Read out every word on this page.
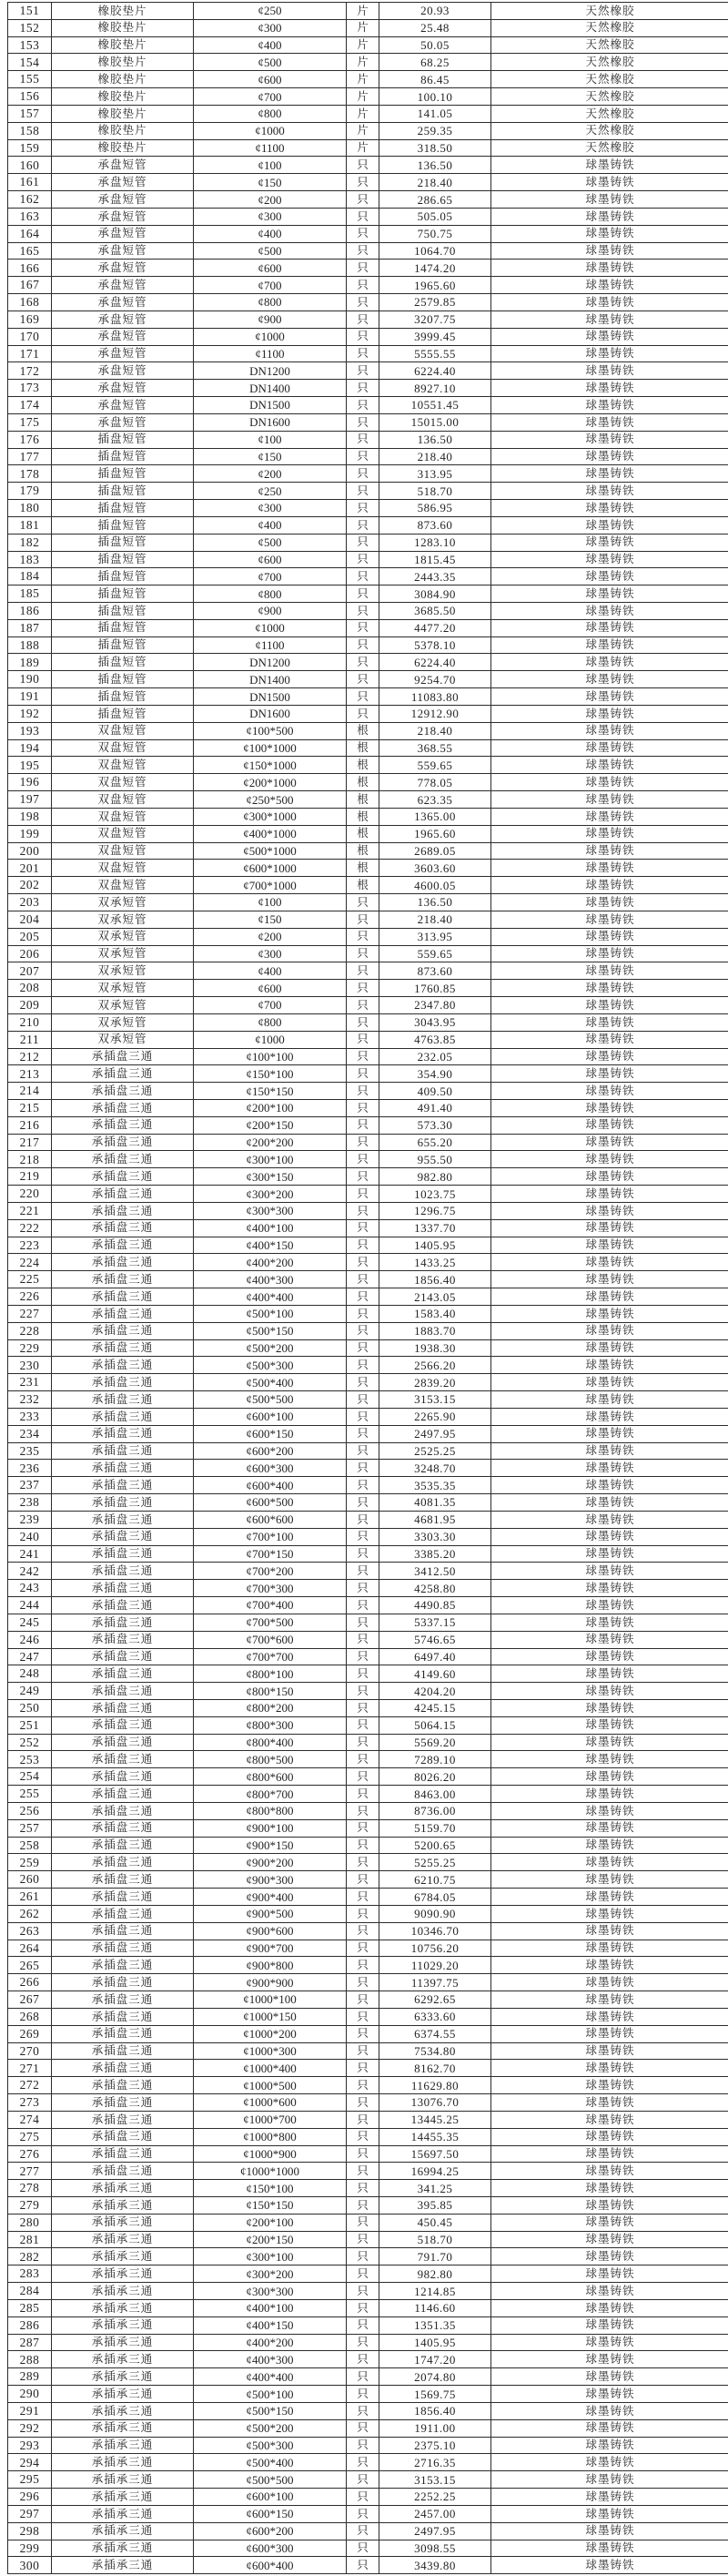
151	橡胶垫片	¢250	片	20.93	天然橡胶
152	橡胶垫片	¢300	片	25.48	天然橡胶
153	橡胶垫片	¢400	片	50.05	天然橡胶
154	橡胶垫片	¢500	片	68.25	天然橡胶
155	橡胶垫片	¢600	片	86.45	天然橡胶
156	橡胶垫片	¢700	片	100.10	天然橡胶
157	橡胶垫片	¢800	片	141.05	天然橡胶
158	橡胶垫片	¢1000	片	259.35	天然橡胶
159	橡胶垫片	¢1100	片	318.50	天然橡胶
160	承盘短管	¢100	只	136.50	球墨铸铁
161	承盘短管	¢150	只	218.40	球墨铸铁
162	承盘短管	¢200	只	286.65	球墨铸铁
163	承盘短管	¢300	只	505.05	球墨铸铁
164	承盘短管	¢400	只	750.75	球墨铸铁
165	承盘短管	¢500	只	1064.70	球墨铸铁
166	承盘短管	¢600	只	1474.20	球墨铸铁
167	承盘短管	¢700	只	1965.60	球墨铸铁
168	承盘短管	¢800	只	2579.85	球墨铸铁
169	承盘短管	¢900	只	3207.75	球墨铸铁
170	承盘短管	¢1000	只	3999.45	球墨铸铁
171	承盘短管	¢1100	只	5555.55	球墨铸铁
172	承盘短管	DN1200	只	6224.40	球墨铸铁
173	承盘短管	DN1400	只	8927.10	球墨铸铁
174	承盘短管	DN1500	只	10551.45	球墨铸铁
175	承盘短管	DN1600	只	15015.00	球墨铸铁
176	插盘短管	¢100	只	136.50	球墨铸铁
177	插盘短管	¢150	只	218.40	球墨铸铁
178	插盘短管	¢200	只	313.95	球墨铸铁
179	插盘短管	¢250	只	518.70	球墨铸铁
180	插盘短管	¢300	只	586.95	球墨铸铁
181	插盘短管	¢400	只	873.60	球墨铸铁
182	插盘短管	¢500	只	1283.10	球墨铸铁
183	插盘短管	¢600	只	1815.45	球墨铸铁
184	插盘短管	¢700	只	2443.35	球墨铸铁
185	插盘短管	¢800	只	3084.90	球墨铸铁
186	插盘短管	¢900	只	3685.50	球墨铸铁
187	插盘短管	¢1000	只	4477.20	球墨铸铁
188	插盘短管	¢1100	只	5378.10	球墨铸铁
189	插盘短管	DN1200	只	6224.40	球墨铸铁
190	插盘短管	DN1400	只	9254.70	球墨铸铁
191	插盘短管	DN1500	只	11083.80	球墨铸铁
192	插盘短管	DN1600	只	12912.90	球墨铸铁
193	双盘短管	¢100*500	根	218.40	球墨铸铁
194	双盘短管	¢100*1000	根	368.55	球墨铸铁
195	双盘短管	¢150*1000	根	559.65	球墨铸铁
196	双盘短管	¢200*1000	根	778.05	球墨铸铁
197	双盘短管	¢250*500	根	623.35	球墨铸铁
198	双盘短管	¢300*1000	根	1365.00	球墨铸铁
199	双盘短管	¢400*1000	根	1965.60	球墨铸铁
200	双盘短管	¢500*1000	根	2689.05	球墨铸铁
201	双盘短管	¢600*1000	根	3603.60	球墨铸铁
202	双盘短管	¢700*1000	根	4600.05	球墨铸铁
203	双承短管	¢100	只	136.50	球墨铸铁
204	双承短管	¢150	只	218.40	球墨铸铁
205	双承短管	¢200	只	313.95	球墨铸铁
206	双承短管	¢300	只	559.65	球墨铸铁
207	双承短管	¢400	只	873.60	球墨铸铁
208	双承短管	¢600	只	1760.85	球墨铸铁
209	双承短管	¢700	只	2347.80	球墨铸铁
210	双承短管	¢800	只	3043.95	球墨铸铁
211	双承短管	¢1000	只	4763.85	球墨铸铁
212	承插盘三通	¢100*100	只	232.05	球墨铸铁
213	承插盘三通	¢150*100	只	354.90	球墨铸铁
214	承插盘三通	¢150*150	只	409.50	球墨铸铁
215	承插盘三通	¢200*100	只	491.40	球墨铸铁
216	承插盘三通	¢200*150	只	573.30	球墨铸铁
217	承插盘三通	¢200*200	只	655.20	球墨铸铁
218	承插盘三通	¢300*100	只	955.50	球墨铸铁
219	承插盘三通	¢300*150	只	982.80	球墨铸铁
220	承插盘三通	¢300*200	只	1023.75	球墨铸铁
221	承插盘三通	¢300*300	只	1296.75	球墨铸铁
222	承插盘三通	¢400*100	只	1337.70	球墨铸铁
223	承插盘三通	¢400*150	只	1405.95	球墨铸铁
224	承插盘三通	¢400*200	只	1433.25	球墨铸铁
225	承插盘三通	¢400*300	只	1856.40	球墨铸铁
226	承插盘三通	¢400*400	只	2143.05	球墨铸铁
227	承插盘三通	¢500*100	只	1583.40	球墨铸铁
228	承插盘三通	¢500*150	只	1883.70	球墨铸铁
229	承插盘三通	¢500*200	只	1938.30	球墨铸铁
230	承插盘三通	¢500*300	只	2566.20	球墨铸铁
231	承插盘三通	¢500*400	只	2839.20	球墨铸铁
232	承插盘三通	¢500*500	只	3153.15	球墨铸铁
233	承插盘三通	¢600*100	只	2265.90	球墨铸铁
234	承插盘三通	¢600*150	只	2497.95	球墨铸铁
235	承插盘三通	¢600*200	只	2525.25	球墨铸铁
236	承插盘三通	¢600*300	只	3248.70	球墨铸铁
237	承插盘三通	¢600*400	只	3535.35	球墨铸铁
238	承插盘三通	¢600*500	只	4081.35	球墨铸铁
239	承插盘三通	¢600*600	只	4681.95	球墨铸铁
240	承插盘三通	¢700*100	只	3303.30	球墨铸铁
241	承插盘三通	¢700*150	只	3385.20	球墨铸铁
242	承插盘三通	¢700*200	只	3412.50	球墨铸铁
243	承插盘三通	¢700*300	只	4258.80	球墨铸铁
244	承插盘三通	¢700*400	只	4490.85	球墨铸铁
245	承插盘三通	¢700*500	只	5337.15	球墨铸铁
246	承插盘三通	¢700*600	只	5746.65	球墨铸铁
247	承插盘三通	¢700*700	只	6497.40	球墨铸铁
248	承插盘三通	¢800*100	只	4149.60	球墨铸铁
249	承插盘三通	¢800*150	只	4204.20	球墨铸铁
250	承插盘三通	¢800*200	只	4245.15	球墨铸铁
251	承插盘三通	¢800*300	只	5064.15	球墨铸铁
252	承插盘三通	¢800*400	只	5569.20	球墨铸铁
253	承插盘三通	¢800*500	只	7289.10	球墨铸铁
254	承插盘三通	¢800*600	只	8026.20	球墨铸铁
255	承插盘三通	¢800*700	只	8463.00	球墨铸铁
256	承插盘三通	¢800*800	只	8736.00	球墨铸铁
257	承插盘三通	¢900*100	只	5159.70	球墨铸铁
258	承插盘三通	¢900*150	只	5200.65	球墨铸铁
259	承插盘三通	¢900*200	只	5255.25	球墨铸铁
260	承插盘三通	¢900*300	只	6210.75	球墨铸铁
261	承插盘三通	¢900*400	只	6784.05	球墨铸铁
262	承插盘三通	¢900*500	只	9090.90	球墨铸铁
263	承插盘三通	¢900*600	只	10346.70	球墨铸铁
264	承插盘三通	¢900*700	只	10756.20	球墨铸铁
265	承插盘三通	¢900*800	只	11029.20	球墨铸铁
266	承插盘三通	¢900*900	只	11397.75	球墨铸铁
267	承插盘三通	¢1000*100	只	6292.65	球墨铸铁
268	承插盘三通	¢1000*150	只	6333.60	球墨铸铁
269	承插盘三通	¢1000*200	只	6374.55	球墨铸铁
270	承插盘三通	¢1000*300	只	7534.80	球墨铸铁
271	承插盘三通	¢1000*400	只	8162.70	球墨铸铁
272	承插盘三通	¢1000*500	只	11629.80	球墨铸铁
273	承插盘三通	¢1000*600	只	13076.70	球墨铸铁
274	承插盘三通	¢1000*700	只	13445.25	球墨铸铁
275	承插盘三通	¢1000*800	只	14455.35	球墨铸铁
276	承插盘三通	¢1000*900	只	15697.50	球墨铸铁
277	承插盘三通	¢1000*1000	只	16994.25	球墨铸铁
278	承插承三通	¢150*100	只	341.25	球墨铸铁
279	承插承三通	¢150*150	只	395.85	球墨铸铁
280	承插承三通	¢200*100	只	450.45	球墨铸铁
281	承插承三通	¢200*150	只	518.70	球墨铸铁
282	承插承三通	¢300*100	只	791.70	球墨铸铁
283	承插承三通	¢300*200	只	982.80	球墨铸铁
284	承插承三通	¢300*300	只	1214.85	球墨铸铁
285	承插承三通	¢400*100	只	1146.60	球墨铸铁
286	承插承三通	¢400*150	只	1351.35	球墨铸铁
287	承插承三通	¢400*200	只	1405.95	球墨铸铁
288	承插承三通	¢400*300	只	1747.20	球墨铸铁
289	承插承三通	¢400*400	只	2074.80	球墨铸铁
290	承插承三通	¢500*100	只	1569.75	球墨铸铁
291	承插承三通	¢500*150	只	1856.40	球墨铸铁
292	承插承三通	¢500*200	只	1911.00	球墨铸铁
293	承插承三通	¢500*300	只	2375.10	球墨铸铁
294	承插承三通	¢500*400	只	2716.35	球墨铸铁
295	承插承三通	¢500*500	只	3153.15	球墨铸铁
296	承插承三通	¢600*100	只	2252.25	球墨铸铁
297	承插承三通	¢600*150	只	2457.00	球墨铸铁
298	承插承三通	¢600*200	只	2497.95	球墨铸铁
299	承插承三通	¢600*300	只	3098.55	球墨铸铁
300	承插承三通	¢600*400	只	3439.80	球墨铸铁
